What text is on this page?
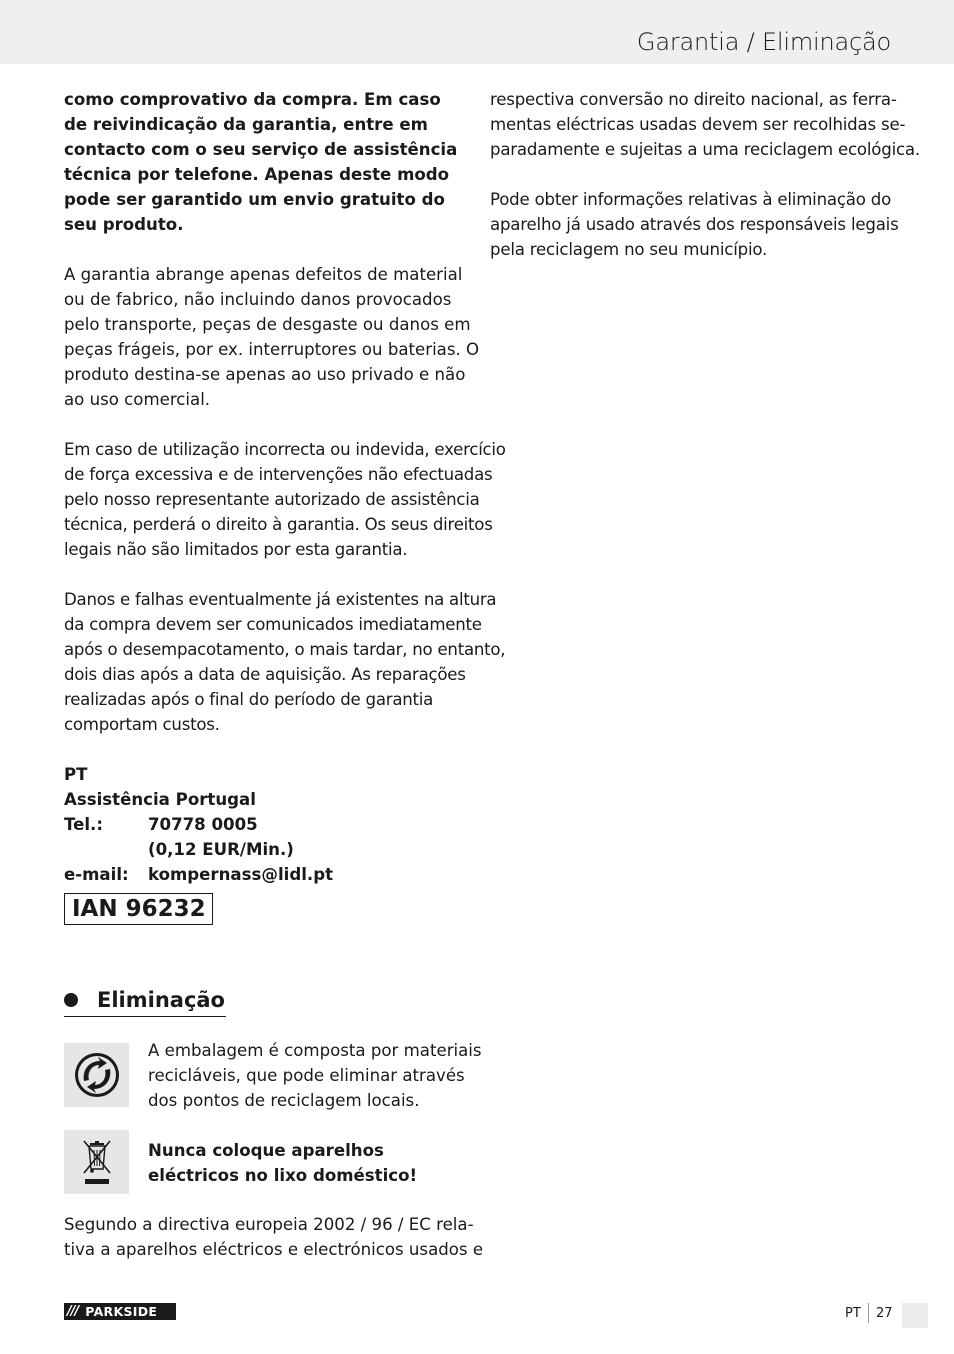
Garantia / Eliminação

como comprovativo da compra. Em caso
de reivindicação da garantia, entre em
contacto com o seu serviço de assistência
técnica por telefone. Apenas deste modo
pode ser garantido um envio gratuito do
seu produto.

A garantia abrange apenas defeitos de material
ou de fabrico, não incluindo danos provocados
pelo transporte, peças de desgaste ou danos em
peças frágeis, por ex. interruptores ou baterias. O
produto destina-se apenas ao uso privado e não
ao uso comercial.

Em caso de utilização incorrecta ou indevida, exercício
de força excessiva e de intervenções não efectuadas
pelo nosso representante autorizado de assistência
técnica, perderá o direito à garantia. Os seus direitos
legais não são limitados por esta garantia.

Danos e falhas eventualmente já existentes na altura
da compra devem ser comunicados imediatamente
após o desempacotamento, o mais tardar, no entanto,
dois dias após a data de aquisição. As reparações
realizadas após o final do período de garantia
comportam custos.

PT
Assistência Portugal
Tel.:	70778 0005
(0,12 EUR/Min.)
e-mail:	kompernass@lidl.pt
IAN 96232
Eliminação
A embalagem é composta por materiais
recicláveis, que pode eliminar através
dos pontos de reciclagem locais.
Nunca coloque aparelhos
eléctricos no lixo doméstico!
Segundo a directiva europeia 2002 / 96 / EC rela-
tiva a aparelhos eléctricos e electrónicos usados e

respectiva conversão no direito nacional, as ferra-
mentas eléctricas usadas devem ser recolhidas se-
paradamente e sujeitas a uma reciclagem ecológica.

Pode obter informações relativas à eliminação do
aparelho já usado através dos responsáveis legais
pela reciclagem no seu município.

/// PARKSIDE	PT 27
